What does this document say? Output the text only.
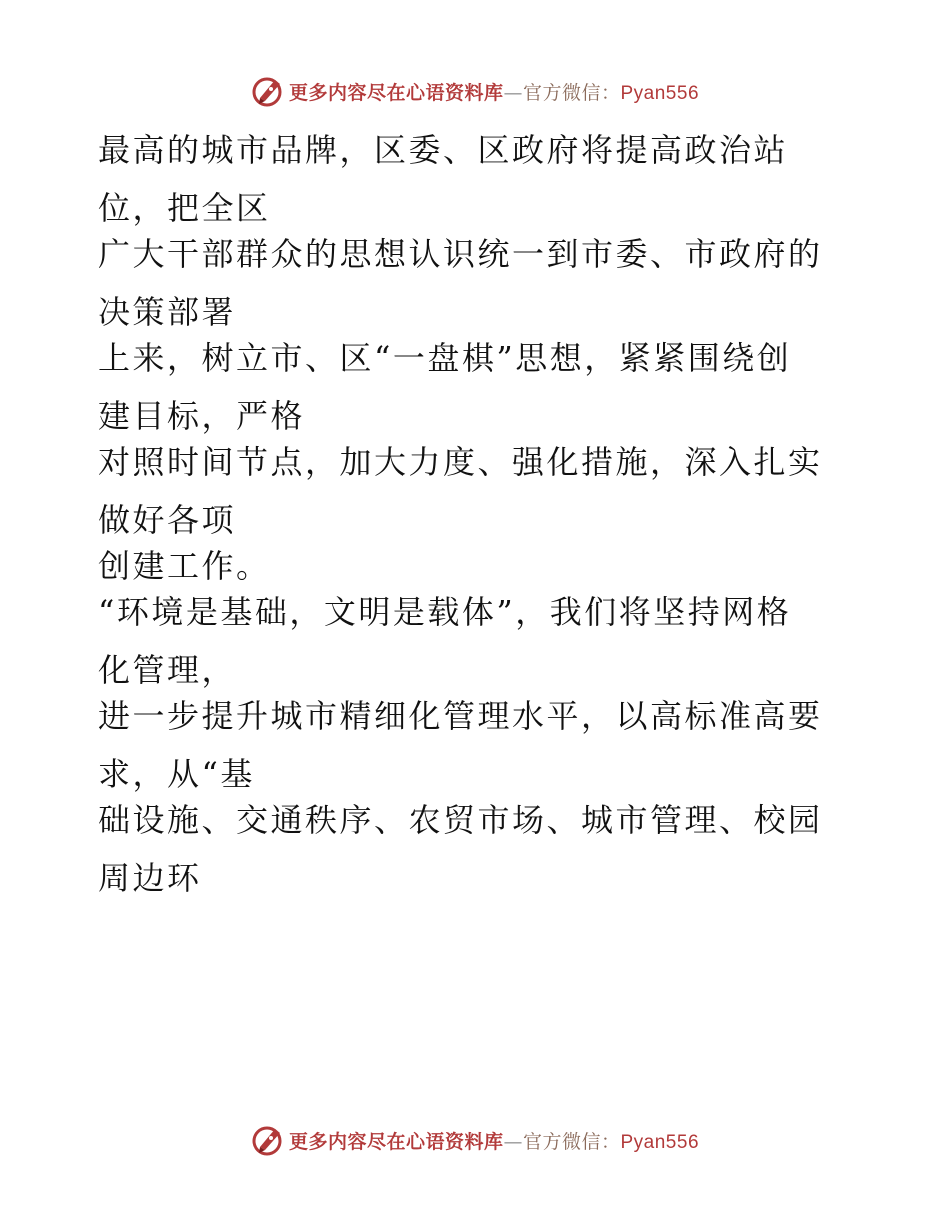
更多内容尽在心语资料库—官方微信：Pyan556
最高的城市品牌，区委、区政府将提高政治站
位，把全区
广大干部群众的思想认识统一到市委、市政府的
决策部署
上来，树立市、区“一盘棋”思想，紧紧围绕创
建目标，严格
对照时间节点，加大力度、强化措施，深入扎实
做好各项
创建工作。
“环境是基础，文明是载体”，我们将坚持网格
化管理，
进一步提升城市精细化管理水平，以高标准高要
求，从“基
础设施、交通秩序、农贸市场、城市管理、校园
周边环
更多内容尽在心语资料库—官方微信：Pyan556
